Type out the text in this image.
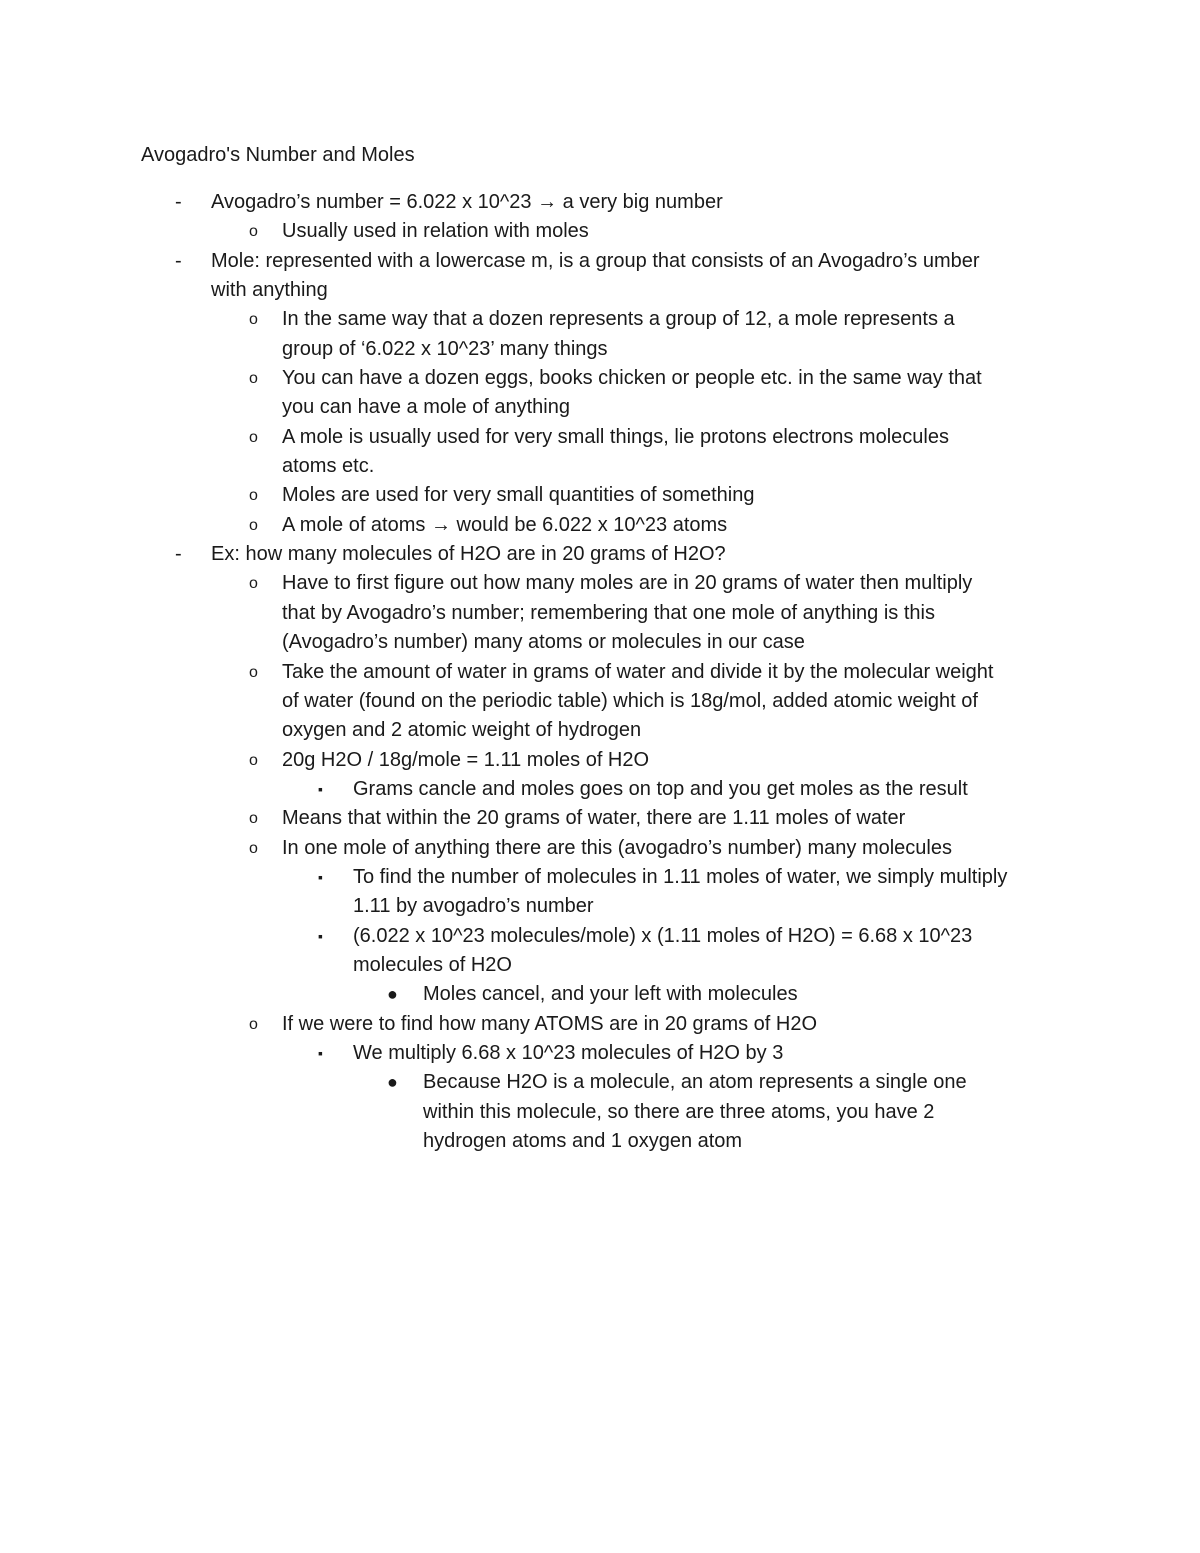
Avogadro's Number and Moles
- Avogadro’s number = 6.022 x 10^23 → a very big number
o Usually used in relation with moles
- Mole: represented with a lowercase m, is a group that consists of an Avogadro’s umber
with anything
o In the same way that a dozen represents a group of 12, a mole represents a
group of ‘6.022 x 10^23’ many things
o You can have a dozen eggs, books chicken or people etc. in the same way that
you can have a mole of anything
o A mole is usually used for very small things, lie protons electrons molecules
atoms etc.
o Moles are used for very small quantities of something
o A mole of atoms → would be 6.022 x 10^23 atoms
- Ex: how many molecules of H2O are in 20 grams of H2O?
o Have to first figure out how many moles are in 20 grams of water then multiply
that by Avogadro’s number; remembering that one mole of anything is this
(Avogadro’s number) many atoms or molecules in our case
o Take the amount of water in grams of water and divide it by the molecular weight
of water (found on the periodic table) which is 18g/mol, added atomic weight of
oxygen and 2 atomic weight of hydrogen
o 20g H2O / 18g/mole = 1.11 moles of H2O
▪ Grams cancle and moles goes on top and you get moles as the result
o Means that within the 20 grams of water, there are 1.11 moles of water
o In one mole of anything there are this (avogadro’s number) many molecules
▪ To find the number of molecules in 1.11 moles of water, we simply multiply
1.11 by avogadro’s number
▪ (6.022 x 10^23 molecules/mole) x (1.11 moles of H2O) = 6.68 x 10^23
molecules of H2O
● Moles cancel, and your left with molecules
o If we were to find how many ATOMS are in 20 grams of H2O
▪ We multiply 6.68 x 10^23 molecules of H2O by 3
● Because H2O is a molecule, an atom represents a single one
within this molecule, so there are three atoms, you have 2
hydrogen atoms and 1 oxygen atom
